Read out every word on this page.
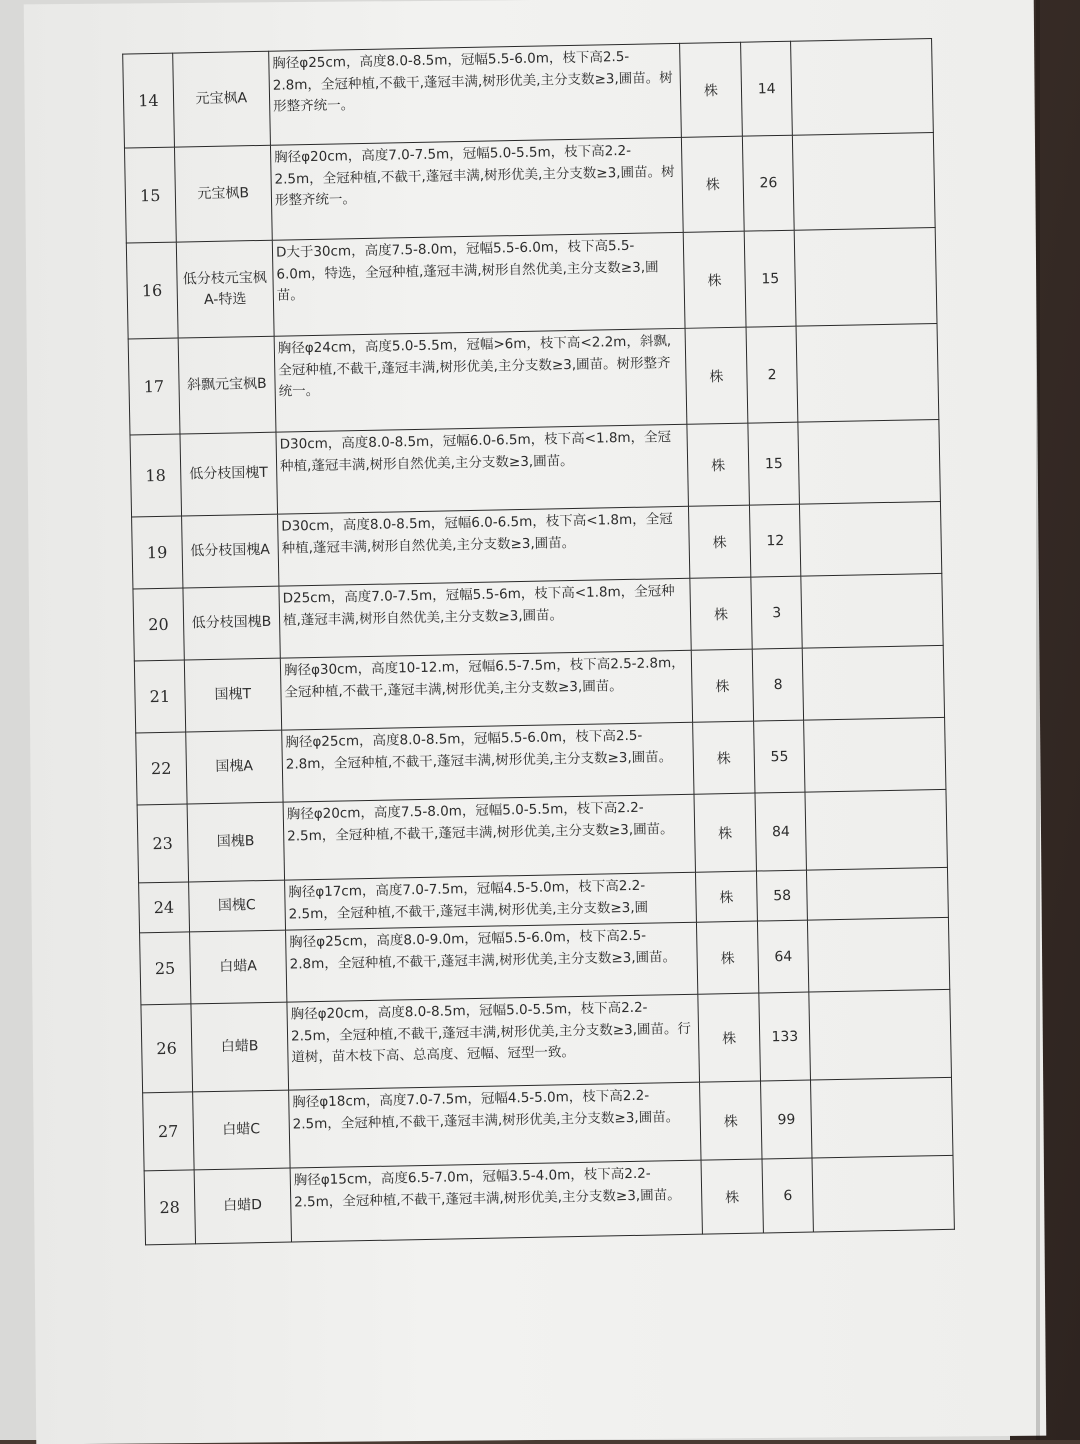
14	元宝枫A	胸径φ25cm，高度8.0-8.5m，冠幅5.5-6.0m，枝下高2.5-2.8m，全冠种植,不截干,蓬冠丰满,树形优美,主分支数≥3,圃苗。树形整齐统一。	株	14	
15	元宝枫B	胸径φ20cm，高度7.0-7.5m，冠幅5.0-5.5m，枝下高2.2-2.5m，全冠种植,不截干,蓬冠丰满,树形优美,主分支数≥3,圃苗。树形整齐统一。	株	26	
16	低分枝元宝枫A-特选	D大于30cm，高度7.5-8.0m，冠幅5.5-6.0m，枝下高5.5-6.0m，特选，全冠种植,蓬冠丰满,树形自然优美,主分支数≥3,圃苗。	株	15	
17	斜飘元宝枫B	胸径φ24cm，高度5.0-5.5m，冠幅>6m，枝下高<2.2m，斜飘,全冠种植,不截干,蓬冠丰满,树形优美,主分支数≥3,圃苗。树形整齐统一。	株	2	
18	低分枝国槐T	D30cm，高度8.0-8.5m，冠幅6.0-6.5m，枝下高<1.8m，全冠种植,蓬冠丰满,树形自然优美,主分支数≥3,圃苗。	株	15	
19	低分枝国槐A	D30cm，高度8.0-8.5m，冠幅6.0-6.5m，枝下高<1.8m，全冠种植,蓬冠丰满,树形自然优美,主分支数≥3,圃苗。	株	12	
20	低分枝国槐B	D25cm，高度7.0-7.5m，冠幅5.5-6m，枝下高<1.8m，全冠种植,蓬冠丰满,树形自然优美,主分支数≥3,圃苗。	株	3	
21	国槐T	胸径φ30cm，高度10-12.m，冠幅6.5-7.5m，枝下高2.5-2.8m，全冠种植,不截干,蓬冠丰满,树形优美,主分支数≥3,圃苗。	株	8	
22	国槐A	胸径φ25cm，高度8.0-8.5m，冠幅5.5-6.0m，枝下高2.5-2.8m，全冠种植,不截干,蓬冠丰满,树形优美,主分支数≥3,圃苗。	株	55	
23	国槐B	胸径φ20cm，高度7.5-8.0m，冠幅5.0-5.5m，枝下高2.2-2.5m，全冠种植,不截干,蓬冠丰满,树形优美,主分支数≥3,圃苗。	株	84	
24	国槐C	胸径φ17cm，高度7.0-7.5m，冠幅4.5-5.0m，枝下高2.2-2.5m，全冠种植,不截干,蓬冠丰满,树形优美,主分支数≥3,圃	株	58	
25	白蜡A	胸径φ25cm，高度8.0-9.0m，冠幅5.5-6.0m，枝下高2.5-2.8m，全冠种植,不截干,蓬冠丰满,树形优美,主分支数≥3,圃苗。	株	64	
26	白蜡B	胸径φ20cm，高度8.0-8.5m，冠幅5.0-5.5m，枝下高2.2-2.5m，全冠种植,不截干,蓬冠丰满,树形优美,主分支数≥3,圃苗。行道树，苗木枝下高、总高度、冠幅、冠型一致。	株	133	
27	白蜡C	胸径φ18cm，高度7.0-7.5m，冠幅4.5-5.0m，枝下高2.2-2.5m，全冠种植,不截干,蓬冠丰满,树形优美,主分支数≥3,圃苗。	株	99	
28	白蜡D	胸径φ15cm，高度6.5-7.0m，冠幅3.5-4.0m，枝下高2.2-2.5m，全冠种植,不截干,蓬冠丰满,树形优美,主分支数≥3,圃苗。	株	6	
